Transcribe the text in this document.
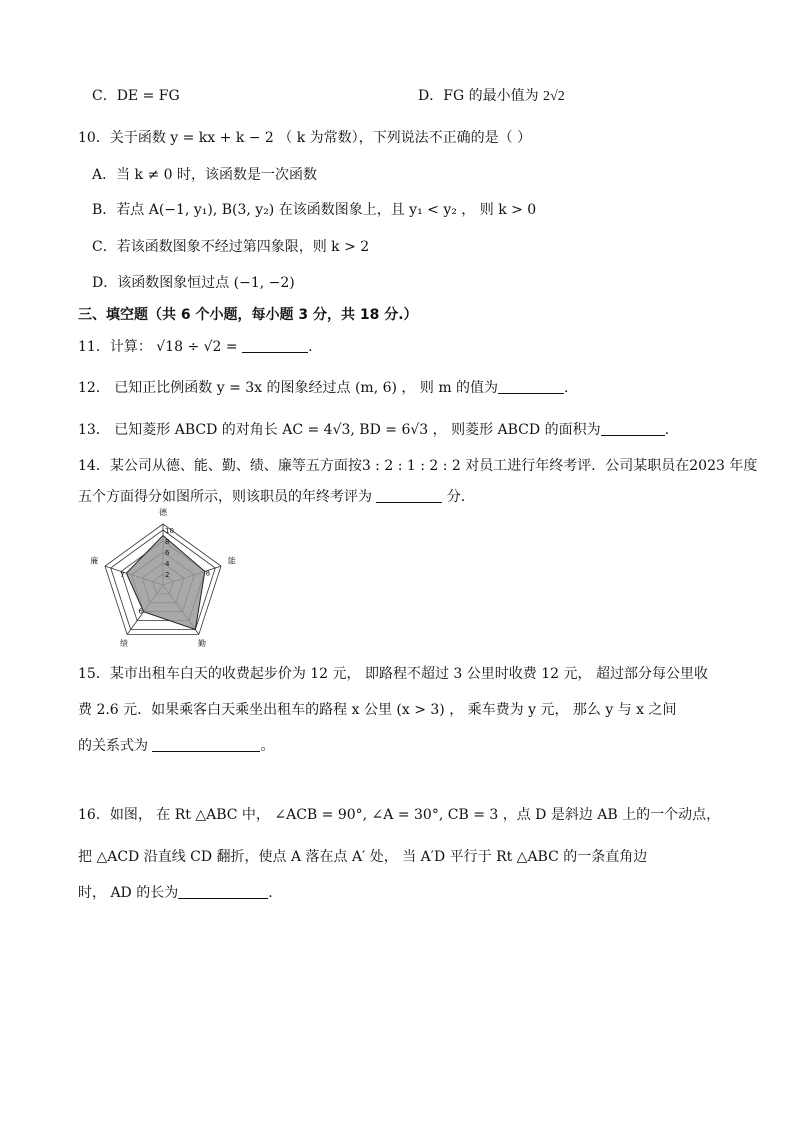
C．DE = FG	D．FG 的最小值为 2√2
10．关于函数 y = kx + k − 2 （ k 为常数），下列说法不正确的是（ ）
A．当 k ≠ 0 时，该函数是一次函数
B．若点 A(−1, y₁), B(3, y₂) 在该函数图象上，且 y₁ < y₂ ， 则 k > 0
C．若该函数图象不经过第四象限，则 k > 2
D．该函数图象恒过点 (−1, −2)
三、填空题（共 6 个小题，每小题 3 分，共 18 分.）
11．计算： √18 ÷ √2 =	.
12． 已知正比例函数 y = 3x 的图象经过点 (m, 6) ， 则 m 的值为	.
13． 已知菱形 ABCD 的对角长 AC = 4√3, BD = 6√3 ， 则菱形 ABCD 的面积为	.
14．某公司从德、能、勤、绩、廉等五方面按3 : 2 : 1 : 2 : 2 对员工进行年终考评．公司某职员在2023 年度
五个方面得分如图所示，则该职员的年终考评为	分．
德
能
勤
绩
廉
10
8
6
4
2	8
6
7
15．某市出租车白天的收费起步价为 12 元， 即路程不超过 3 公里时收费 12 元， 超过部分每公里收
费 2.6 元．如果乘客白天乘坐出租车的路程 x 公里 (x > 3) ， 乘车费为 y 元， 那么 y 与 x 之间
的关系式为	。
16．如图， 在 Rt △ABC 中， ∠ACB = 90°, ∠A = 30°, CB = 3 ，点 D 是斜边 AB 上的一个动点，
把 △ACD 沿直线 CD 翻折，使点 A 落在点 A′ 处， 当 A′D 平行于 Rt △ABC 的一条直角边
时， AD 的长为	.
